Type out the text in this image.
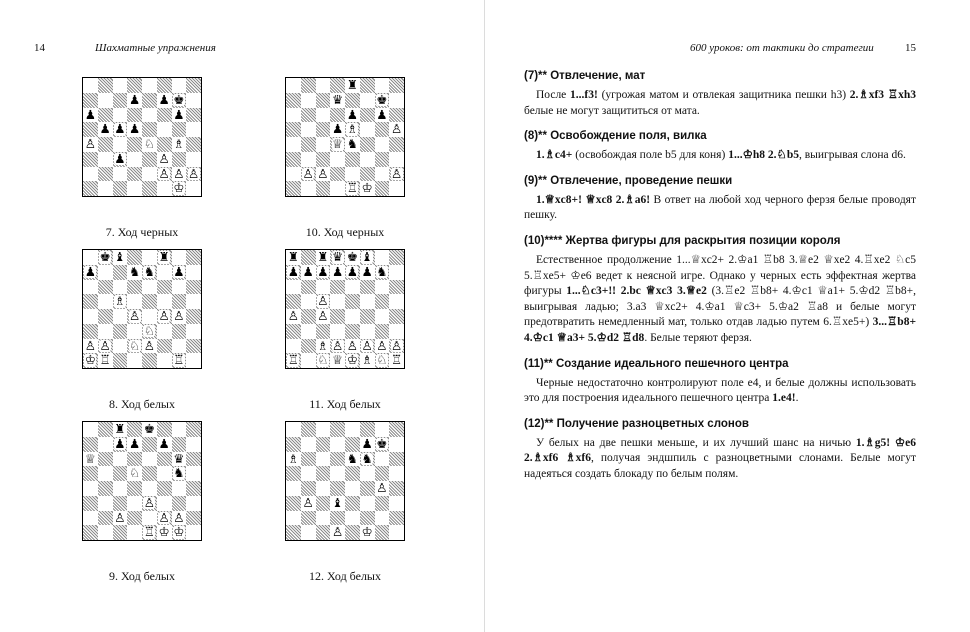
14	Шахматные упражнения	600 уроков: от тактики до стратегии	15
♟ ♟ ♚
♟	♟
♟ ♟ ♟
♙	♘ ♗
♟	♙
♙ ♙ ♙
♔
7. Ход черных
♜
♛	♚
♟ ♟
♟ ♗	♙
♕ ♞
♙ ♙	♙
♖ ♔
10. Ход черных
♚ ♝	♜
♟	♞ ♞ ♟
♗
♙ ♙ ♙
♘
♙ ♙ ♘ ♙
♔ ♖	♖
8. Ход белых
♜ ♜ ♛ ♚ ♝
♟ ♟ ♟ ♟ ♟ ♟ ♞
♙
♙ ♙
♗ ♙ ♙ ♙ ♙ ♙
♖ ♘ ♕ ♔ ♗ ♘ ♖
11. Ход белых
♜ ♚
♟ ♟ ♟
♕	♛
♘	♞
♙
♙	♙ ♙
♖ ♔ ♔
9. Ход белых
♟ ♚
♗	♞ ♞
♙
♙ ♝
♙ ♔
12. Ход белых
(7)** Отвлечение, мат
После 1...f3! (угрожая матом и отвлекая защитника пешки h3) 2.♗xf3 ♖xh3 белые не могут защититься от мата.
(8)** Освобождение поля, вилка
1.♗c4+ (освобождая поле b5 для коня) 1...♔h8 2.♘b5, выигрывая слона d6.
(9)** Отвлечение, проведение пешки
1.♕xc8+! ♕xc8 2.♗a6! В ответ на любой ход черного ферзя белые проводят пешку.
(10)**** Жертва фигуры для раскрытия позиции короля
Естественное продолжение 1...♕xc2+ 2.♔a1 ♖b8 3.♕e2 ♕xe2 4.♖xe2 ♘c5 5.♖xe5+ ♔e6 ведет к неясной игре. Однако у черных есть эффектная жертва фигуры 1...♘c3+!! 2.bc ♕xc3 3.♕e2 (3.♖e2 ♖b8+ 4.♔c1 ♕a1+ 5.♔d2 ♖b8+, выигрывая ладью; 3.a3 ♕xc2+ 4.♔a1 ♕c3+ 5.♔a2 ♖a8 и белые могут предотвратить немедленный мат, только отдав ладью путем 6.♖xe5+) 3...♖b8+ 4.♔c1 ♕a3+ 5.♔d2 ♖d8. Белые теряют ферзя.
(11)** Создание идеального пешечного центра
Черные недостаточно контролируют поле e4, и белые должны использовать это для построения идеального пешечного центра 1.e4!.
(12)** Получение разноцветных слонов
У белых на две пешки меньше, и их лучший шанс на ничью 1.♗g5! ♔e6 2.♗xf6 ♗xf6, получая эндшпиль с разноцветными слонами. Белые могут надеяться создать блокаду по белым полям.
